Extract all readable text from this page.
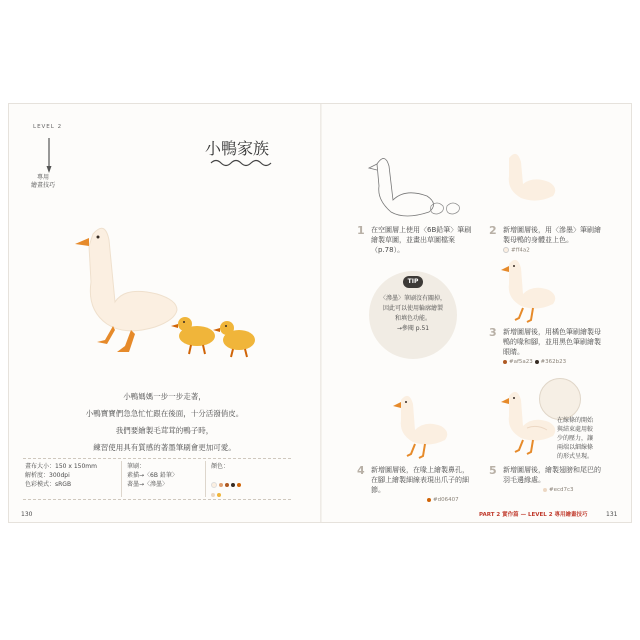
LEVEL 2
專用
繪畫技巧
小鴨家族
小鴨媽媽一步一步走著，
小鴨寶寶們急急忙忙跟在後面，十分活潑俏皮。
我們要繪製毛茸茸的鴨子時，
練習使用具有質感的著墨筆刷會更加可愛。
畫布大小：150 x 150mm
解析度：300dpi
色彩模式：sRGB
筆刷：
素描→〈6B 鉛筆〉
著墨→〈滲墨〉
顏色：
130
1 在空圖層上使用〈6B鉛筆〉筆刷
繪製草圖，並畫出草圖檔案
（p.78）。
2 新增圖層後，用〈滲墨〉筆刷繪
製母鴨的身體並上色。
#ff4a2
TIP
〈滲墨〉筆刷沒有關掉，
因此可以使用輪廓繪製
和填色功能。
→參閱 p.51	3 新增圖層後，用橘色筆刷繪製母
鴨的喙和腳，並用黑色筆刷繪製
眼睛。
#af5a23 #362b23
在線條的開始
與結束處用較
少的壓力，讓
兩端以細線條
的形式呈現。
4 新增圖層後，在喙上繪製鼻孔，
在腳上繪製細線表現出爪子的細
節。
#d06407
5 新增圖層後，繪製翅膀和尾巴的
羽毛邊緣處。
#ecd7c3
PART 2 實作篇 — LEVEL 2 專用繪畫技巧	131
